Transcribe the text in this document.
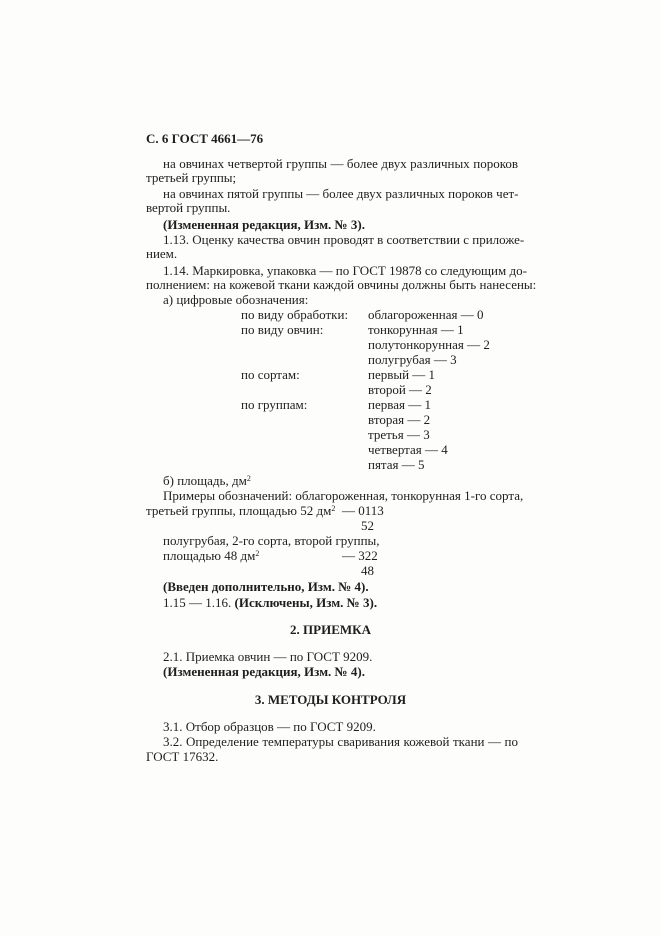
С. 6 ГОСТ 4661—76
на овчинах четвертой группы — более двух различных пороков
третьей группы;
на овчинах пятой группы — более двух различных пороков чет-
вертой группы.
(Измененная редакция, Изм. № 3).
1.13. Оценку качества овчин проводят в соответствии с приложе-
нием.
1.14. Маркировка, упаковка — по ГОСТ 19878 со следующим до-
полнением: на кожевой ткани каждой овчины должны быть нанесены:
а) цифровые обозначения:
по виду обработки: облагороженная — 0
по виду овчин:	тонкорунная — 1
полутонкорунная — 2
полугрубая — 3
по сортам:	первый — 1
второй — 2
по группам:	первая — 1
вторая — 2
третья — 3
четвертая — 4
пятая — 5
б) площадь, $дм^2$
Примеры обозначений: облагороженная, тонкорунная 1-го сорта,
третьей группы, площадью 52 $дм^2$ — 0113
52
полугрубая, 2-го сорта, второй группы,
площадью 48 $дм^2$	— 322
48
(Введен дополнительно, Изм. № 4).
1.15 — 1.16. (Исключены, Изм. № 3).
2. ПРИЕМКА
2.1. Приемка овчин — по ГОСТ 9209.
(Измененная редакция, Изм. № 4).
3. МЕТОДЫ КОНТРОЛЯ
3.1. Отбор образцов — по ГОСТ 9209.
3.2. Определение температуры сваривания кожевой ткани — по
ГОСТ 17632.
